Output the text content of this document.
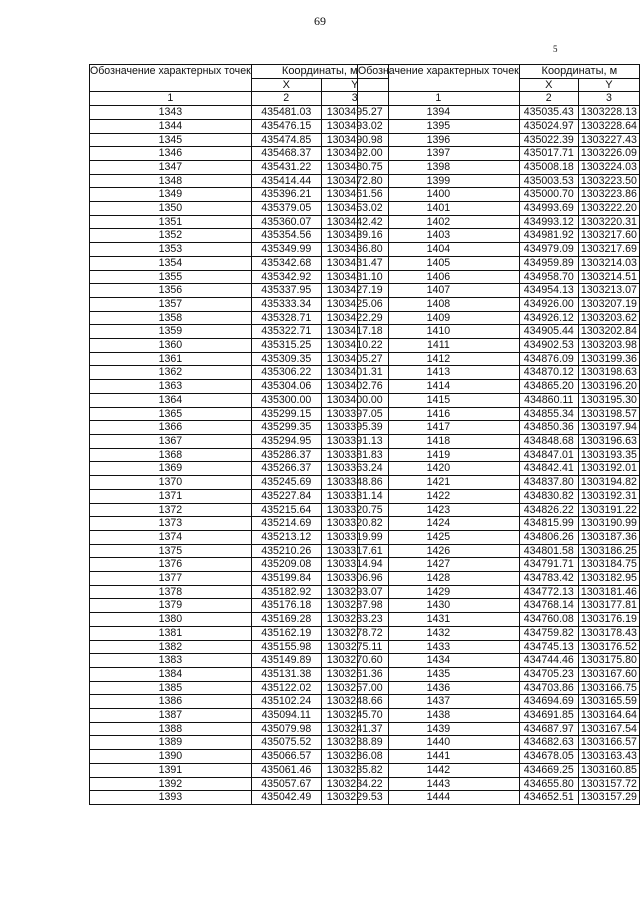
69
5
Обозначение характерных точек	Координаты, м	
	X	Y
1	2	3
1343	435481.03	1303495.27
1344	435476.15	1303493.02
1345	435474.85	1303490.98
1346	435468.37	1303492.00
1347	435431.22	1303480.75
1348	435414.44	1303472.80
1349	435396.21	1303461.56
1350	435379.05	1303453.02
1351	435360.07	1303442.42
1352	435354.56	1303439.16
1353	435349.99	1303436.80
1354	435342.68	1303431.47
1355	435342.92	1303431.10
1356	435337.95	1303427.19
1357	435333.34	1303425.06
1358	435328.71	1303422.29
1359	435322.71	1303417.18
1360	435315.25	1303410.22
1361	435309.35	1303405.27
1362	435306.22	1303401.31
1363	435304.06	1303402.76
1364	435300.00	1303400.00
1365	435299.15	1303397.05
1366	435299.35	1303395.39
1367	435294.95	1303391.13
1368	435286.37	1303381.83
1369	435266.37	1303363.24
1370	435245.69	1303348.86
1371	435227.84	1303331.14
1372	435215.64	1303320.75
1373	435214.69	1303320.82
1374	435213.12	1303319.99
1375	435210.26	1303317.61
1376	435209.08	1303314.94
1377	435199.84	1303306.96
1378	435182.92	1303293.07
1379	435176.18	1303287.98
1380	435169.28	1303283.23
1381	435162.19	1303278.72
1382	435155.98	1303275.11
1383	435149.89	1303270.60
1384	435131.38	1303261.36
1385	435122.02	1303257.00
1386	435102.24	1303248.66
1387	435094.11	1303245.70
1388	435079.98	1303241.37
1389	435075.52	1303238.89
1390	435066.57	1303236.08
1391	435061.46	1303235.82
1392	435057.67	1303234.22
1393	435042.49	1303229.53
Обозначение характерных точек	Координаты, м	
	X	Y
1	2	3
1394	435035.43	1303228.13
1395	435024.97	1303228.64
1396	435022.39	1303227.43
1397	435017.71	1303226.09
1398	435008.18	1303224.03
1399	435003.53	1303223.50
1400	435000.70	1303223.86
1401	434993.69	1303222.20
1402	434993.12	1303220.31
1403	434981.92	1303217.60
1404	434979.09	1303217.69
1405	434959.89	1303214.03
1406	434958.70	1303214.51
1407	434954.13	1303213.07
1408	434926.00	1303207.19
1409	434926.12	1303203.62
1410	434905.44	1303202.84
1411	434902.53	1303203.98
1412	434876.09	1303199.36
1413	434870.12	1303198.63
1414	434865.20	1303196.20
1415	434860.11	1303195.30
1416	434855.34	1303198.57
1417	434850.36	1303197.94
1418	434848.68	1303196.63
1419	434847.01	1303193.35
1420	434842.41	1303192.01
1421	434837.80	1303194.82
1422	434830.82	1303192.31
1423	434826.22	1303191.22
1424	434815.99	1303190.99
1425	434806.26	1303187.36
1426	434801.58	1303186.25
1427	434791.71	1303184.75
1428	434783.42	1303182.95
1429	434772.13	1303181.46
1430	434768.14	1303177.81
1431	434760.08	1303176.19
1432	434759.82	1303178.43
1433	434745.13	1303176.52
1434	434744.46	1303175.80
1435	434705.23	1303167.60
1436	434703.86	1303166.75
1437	434694.69	1303165.59
1438	434691.85	1303164.64
1439	434687.97	1303167.54
1440	434682.63	1303166.57
1441	434678.05	1303163.43
1442	434669.25	1303160.85
1443	434655.80	1303157.72
1444	434652.51	1303157.29
